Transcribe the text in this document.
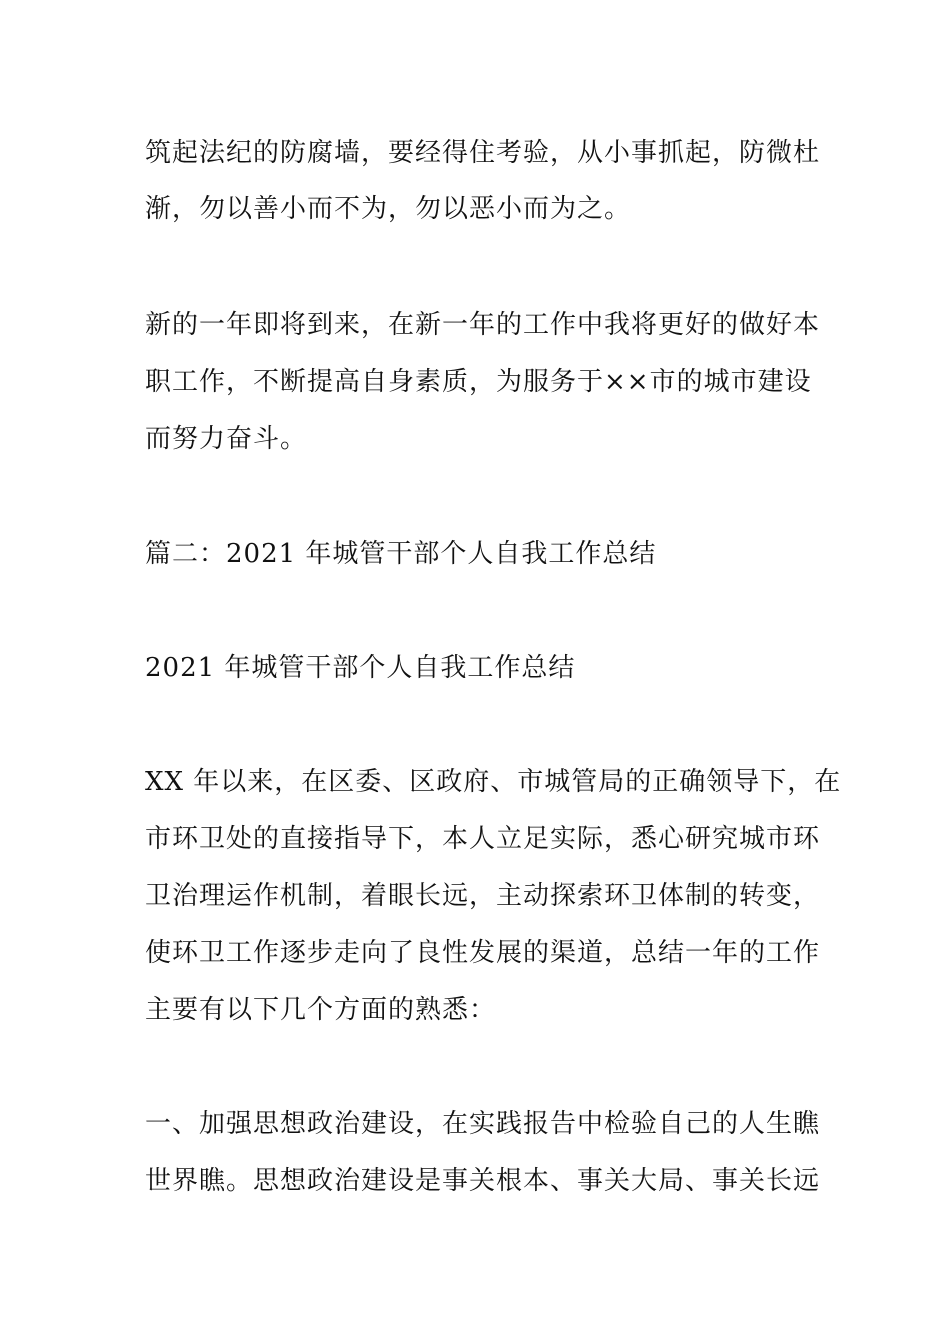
筑起法纪的防腐墙，要经得住考验，从小事抓起，防微杜
渐，勿以善小而不为，勿以恶小而为之。
新的一年即将到来，在新一年的工作中我将更好的做好本
职工作，不断提高自身素质，为服务于××市的城市建设
而努力奋斗。
篇二：2021 年城管干部个人自我工作总结
2021 年城管干部个人自我工作总结
XX 年以来，在区委、区政府、市城管局的正确领导下，在
市环卫处的直接指导下，本人立足实际，悉心研究城市环
卫治理运作机制，着眼长远，主动探索环卫体制的转变，
使环卫工作逐步走向了良性发展的渠道，总结一年的工作
主要有以下几个方面的熟悉：
一、加强思想政治建设，在实践报告中检验自己的人生瞧
世界瞧。思想政治建设是事关根本、事关大局、事关长远
